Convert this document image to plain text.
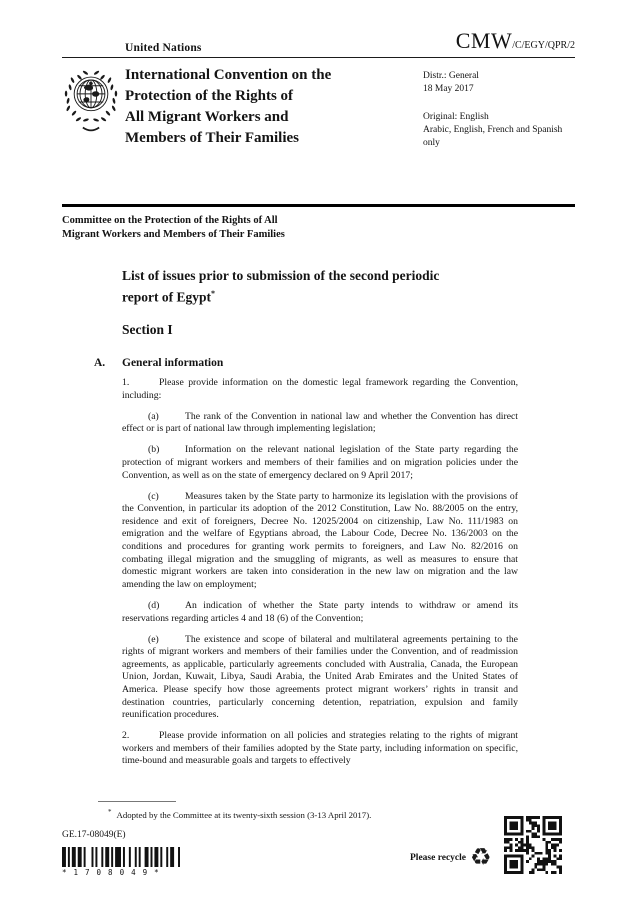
United Nations	CMW/C/EGY/QPR/2
International Convention on the
Protection of the Rights of
All Migrant Workers and
Members of Their Families
Distr.: General
18 May 2017
Original: English
Arabic, English, French and Spanish only
Committee on the Protection of the Rights of All
Migrant Workers and Members of Their Families
List of issues prior to submission of the second periodic
report of Egypt*
Section I
A. General information

1.	Please provide information on the domestic legal framework regarding the Convention, including:

(a)	The rank of the Convention in national law and whether the Convention has direct effect or is part of national law through implementing legislation;

(b)	Information on the relevant national legislation of the State party regarding the protection of migrant workers and members of their families and on migration policies under the Convention, as well as on the state of emergency declared on 9 April 2017;

(c)	Measures taken by the State party to harmonize its legislation with the provisions of the Convention, in particular its adoption of the 2012 Constitution, Law No. 88/2005 on the entry, residence and exit of foreigners, Decree No. 12025/2004 on citizenship, Law No. 111/1983 on emigration and the welfare of Egyptians abroad, the Labour Code, Decree No. 136/2003 on the conditions and procedures for granting work permits to foreigners, and Law No. 82/2016 on combating illegal migration and the smuggling of migrants, as well as measures to ensure that domestic migrant workers are taken into consideration in the new law on migration and the law amending the law on employment;

(d)	An indication of whether the State party intends to withdraw or amend its reservations regarding articles 4 and 18 (6) of the Convention;

(e)	The existence and scope of bilateral and multilateral agreements pertaining to the rights of migrant workers and members of their families under the Convention, and of readmission agreements, as applicable, particularly agreements concluded with Australia, Canada, the European Union, Jordan, Kuwait, Libya, Saudi Arabia, the United Arab Emirates and the United States of America. Please specify how those agreements protect migrant workers’ rights in transit and destination countries, particularly concerning detention, repatriation, expulsion and family reunification procedures.

2.	Please provide information on all policies and strategies relating to the rights of migrant workers and members of their families adopted by the State party, including information on specific, time-bound and measurable goals and targets to effectively

* Adopted by the Committee at its twenty-sixth session (3-13 April 2017).
GE.17-08049(E)
*1708049*
Please recycle ♻
